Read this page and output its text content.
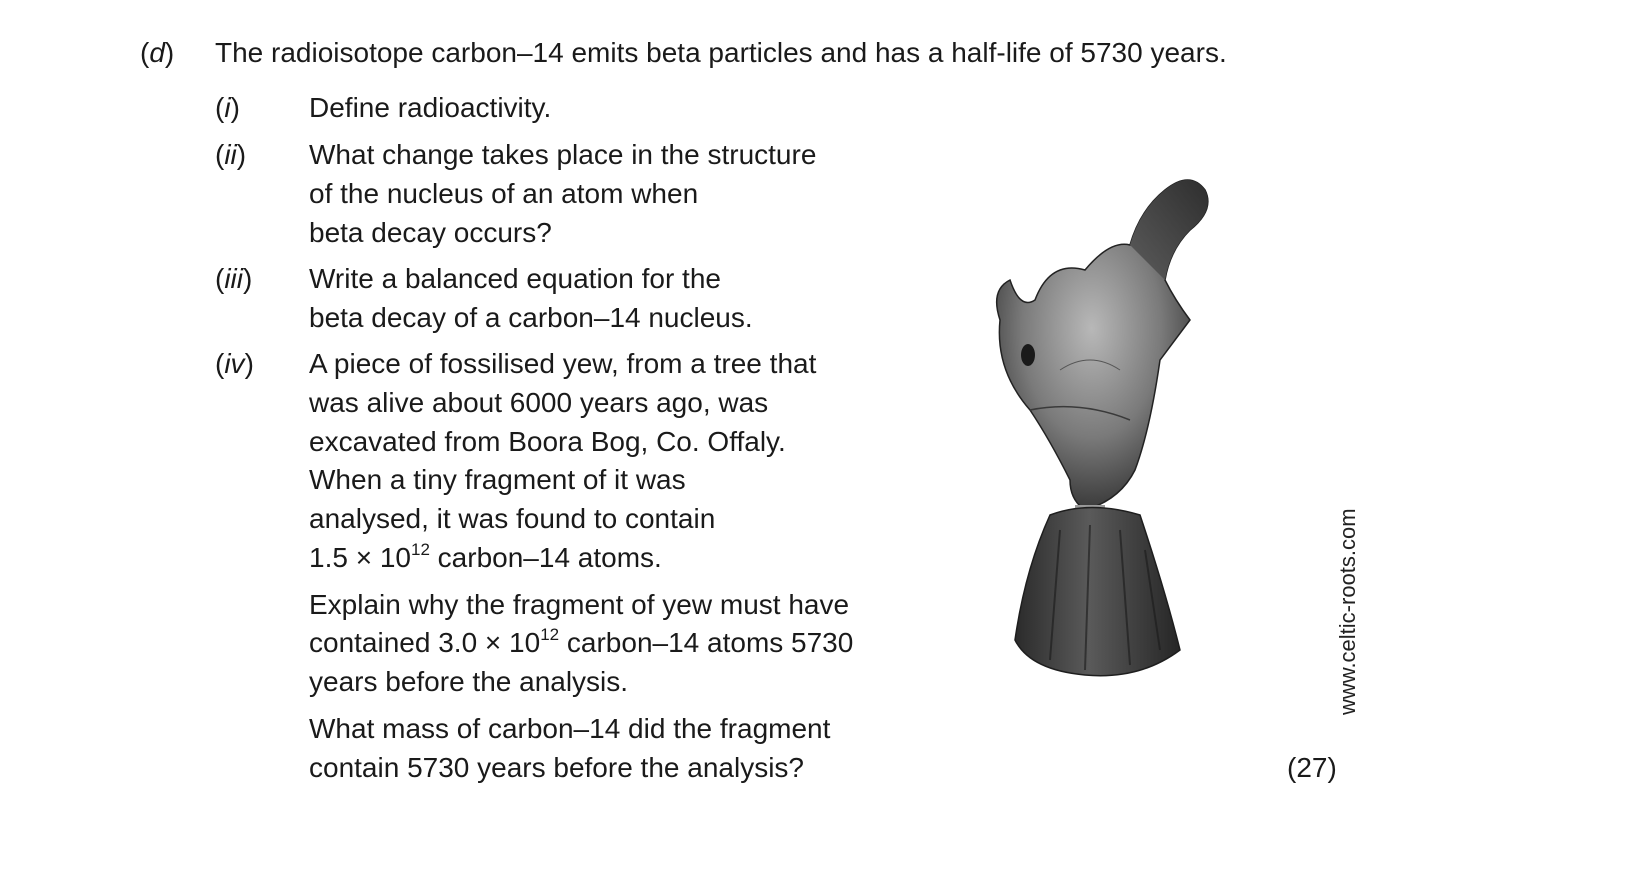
(d) The radioisotope carbon–14 emits beta particles and has a half-life of 5730 years.
(i) Define radioactivity.
(ii) What change takes place in the structure
of the nucleus of an atom when
beta decay occurs?
(iii) Write a balanced equation for the
beta decay of a carbon–14 nucleus.
(iv) A piece of fossilised yew, from a tree that
was alive about 6000 years ago, was
excavated from Boora Bog, Co. Offaly.
When a tiny fragment of it was
analysed, it was found to contain
$1.5 \times 10^{12}$ carbon–14 atoms.
Explain why the fragment of yew must have
contained $3.0 \times 10^{12}$ carbon–14 atoms 5730
years before the analysis.
What mass of carbon–14 did the fragment
contain 5730 years before the analysis?	(27)
www.celtic-roots.com
